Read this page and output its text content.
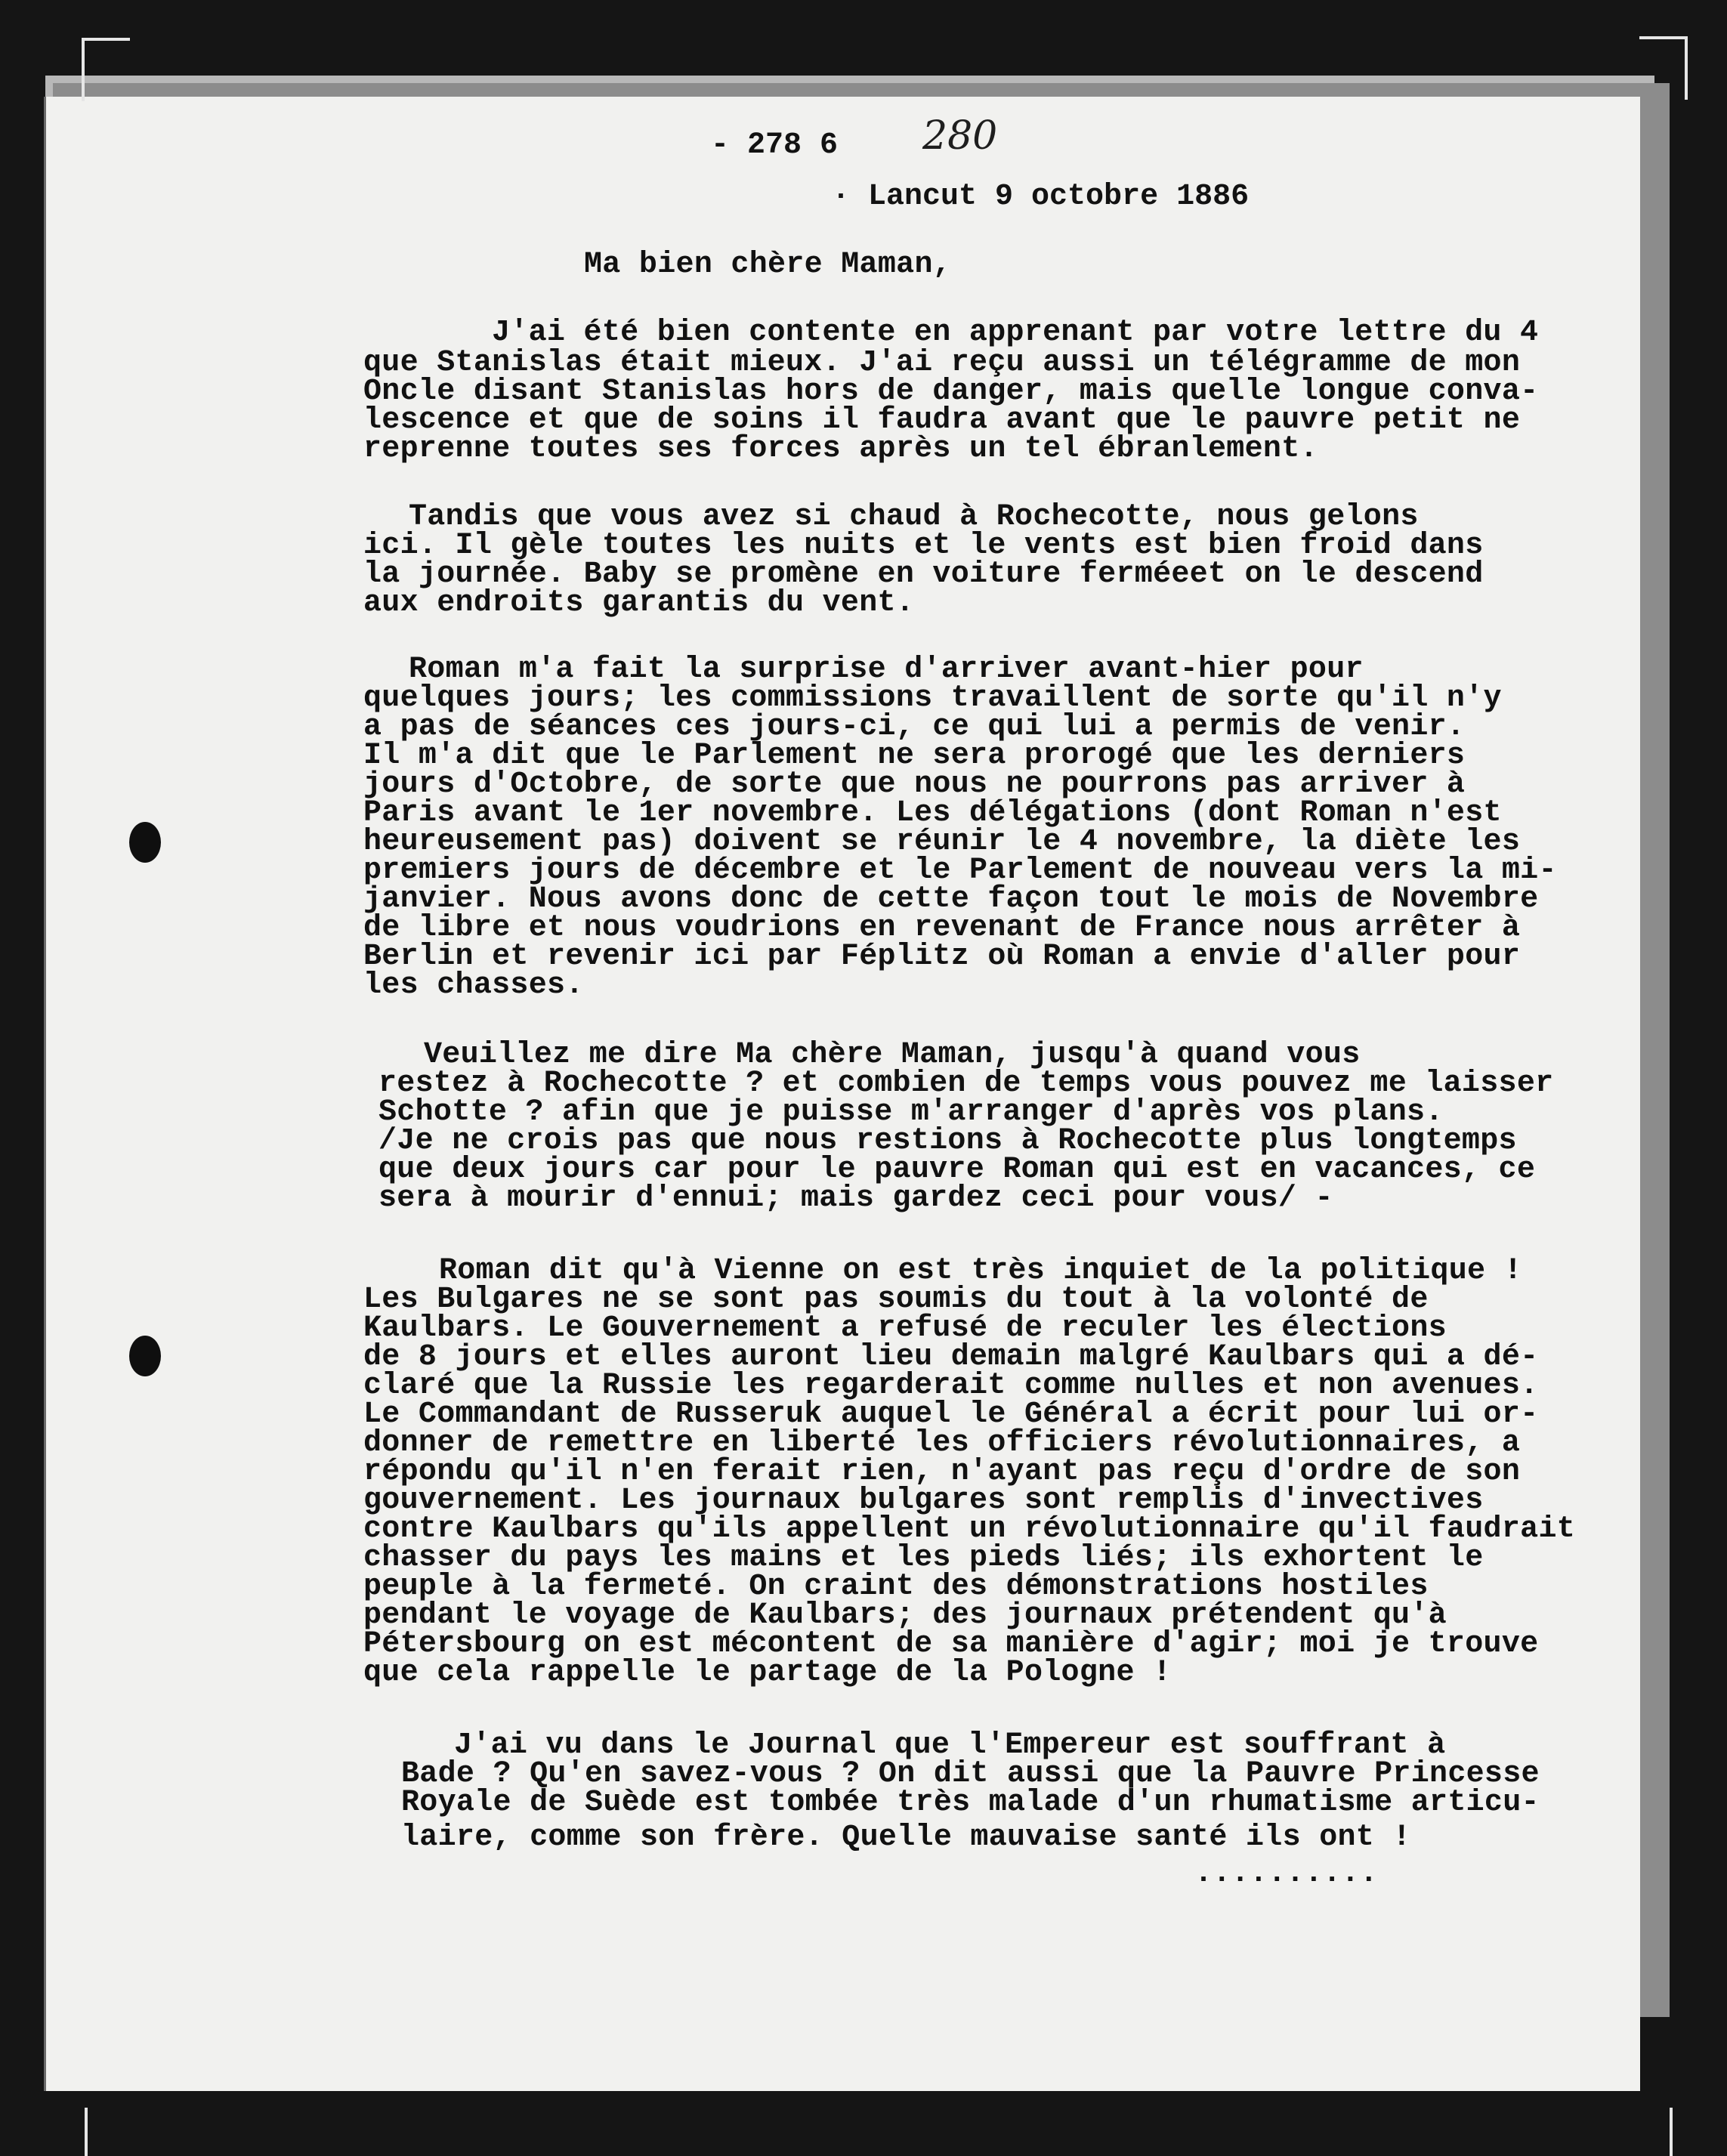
- 278 6 280
· Lancut 9 octobre 1886
Ma bien chère Maman,
J'ai été bien contente en apprenant par votre lettre du 4
que Stanislas était mieux. J'ai reçu aussi un télégramme de mon
Oncle disant Stanislas hors de danger, mais quelle longue conva-
lescence et que de soins il faudra avant que le pauvre petit ne
reprenne toutes ses forces après un tel ébranlement.
Tandis que vous avez si chaud à Rochecotte, nous gelons
ici. Il gèle toutes les nuits et le vents est bien froid dans
la journée. Baby se promène en voiture ferméeet on le descend
aux endroits garantis du vent.
Roman m'a fait la surprise d'arriver avant-hier pour
quelques jours; les commissions travaillent de sorte qu'il n'y
a pas de séances ces jours-ci, ce qui lui a permis de venir.
Il m'a dit que le Parlement ne sera prorogé que les derniers
jours d'Octobre, de sorte que nous ne pourrons pas arriver à
Paris avant le 1er novembre. Les délégations (dont Roman n'est
heureusement pas) doivent se réunir le 4 novembre, la diète les
premiers jours de décembre et le Parlement de nouveau vers la mi-
janvier. Nous avons donc de cette façon tout le mois de Novembre
de libre et nous voudrions en revenant de France nous arrêter à
Berlin et revenir ici par Féplitz où Roman a envie d'aller pour
les chasses.
Veuillez me dire Ma chère Maman, jusqu'à quand vous
restez à Rochecotte ? et combien de temps vous pouvez me laisser
Schotte ? afin que je puisse m'arranger d'après vos plans.
/Je ne crois pas que nous restions à Rochecotte plus longtemps
que deux jours car pour le pauvre Roman qui est en vacances, ce
sera à mourir d'ennui; mais gardez ceci pour vous/ -
Roman dit qu'à Vienne on est très inquiet de la politique !
Les Bulgares ne se sont pas soumis du tout à la volonté de
Kaulbars. Le Gouvernement a refusé de reculer les élections
de 8 jours et elles auront lieu demain malgré Kaulbars qui a dé-
claré que la Russie les regarderait comme nulles et non avenues.
Le Commandant de Russeruk auquel le Général a écrit pour lui or-
donner de remettre en liberté les officiers révolutionnaires, a
répondu qu'il n'en ferait rien, n'ayant pas reçu d'ordre de son
gouvernement. Les journaux bulgares sont remplis d'invectives
contre Kaulbars qu'ils appellent un révolutionnaire qu'il faudrait
chasser du pays les mains et les pieds liés; ils exhortent le
peuple à la fermeté. On craint des démonstrations hostiles
pendant le voyage de Kaulbars; des journaux prétendent qu'à
Pétersbourg on est mécontent de sa manière d'agir; moi je trouve
que cela rappelle le partage de la Pologne !
J'ai vu dans le Journal que l'Empereur est souffrant à
Bade ? Qu'en savez-vous ? On dit aussi que la Pauvre Princesse
Royale de Suède est tombée très malade d'un rhumatisme articu-
laire, comme son frère. Quelle mauvaise santé ils ont !
..........
